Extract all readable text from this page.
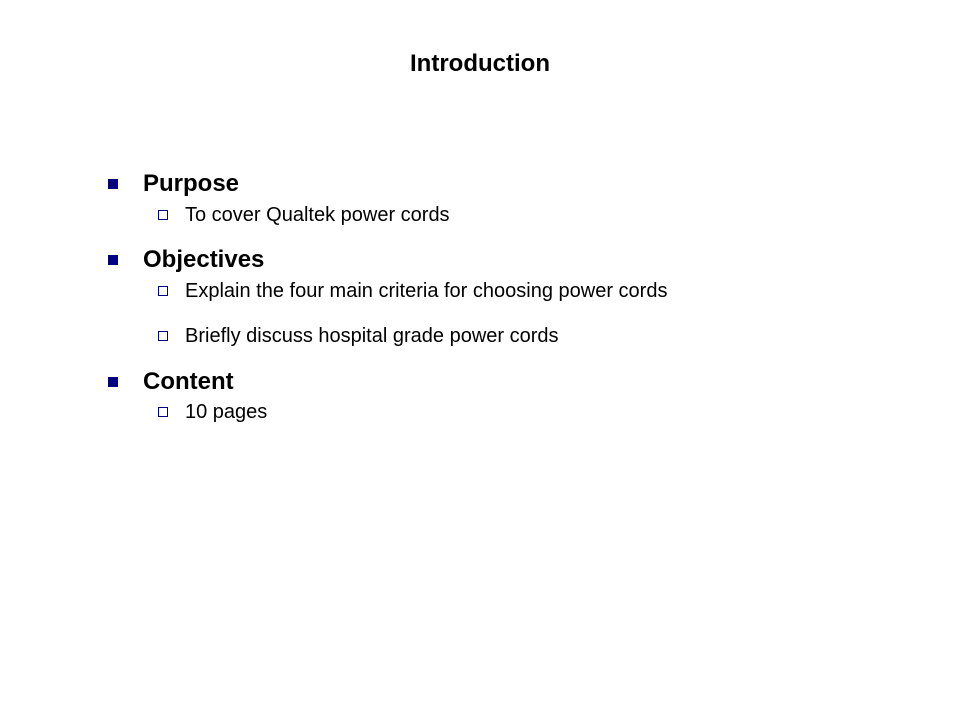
Introduction
Purpose
To cover Qualtek power cords
Objectives
Explain the four main criteria for choosing power cords
Briefly discuss hospital grade power cords
Content
10 pages
